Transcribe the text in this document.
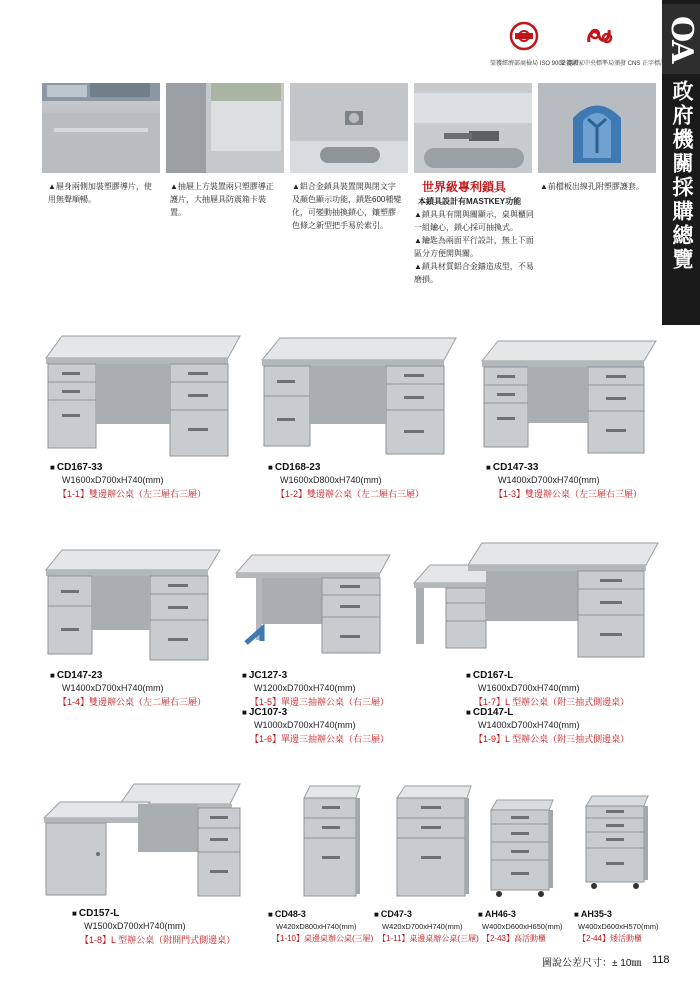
OA
政府機關採購總覽
榮獲經濟部商檢局 ISO 9002 認證
榮獲國家中央標準局頒發 CNS 正字標記
▲屜身兩側加裝塑膠導片，使用無聲順暢。
▲抽屜上方裝置兩只塑膠導正護片，大抽屜具防震箱卡裝置。
▲鋁合金鎖具裝置開與閉文字及顏色顯示功能，鎖匙600種變化，可變動抽換鎖心，鑲塑膠色條之新型把手易於索引。
世界級專利鎖具
本鎖具設計有MASTKEY功能
▲鎖具具有開與關顯示，桌與櫃同一組鑰心，鎖心採可抽換式。
▲鑰匙為兩面平行設計，無上下面區分方便開與關。
▲鎖具材質鋁合金鑄造成型，不易磨損。
▲前檔板出線孔附塑膠護套。
■ CD167-33
W1600xD700xH740(mm)
【1-1】雙邊辦公桌（左三屜右三屜）
■ CD168-23
W1600xD800xH740(mm)
【1-2】雙邊辦公桌（左二屜右三屜）
■ CD147-33
W1400xD700xH740(mm)
【1-3】雙邊辦公桌（左三屜右三屜）
■ CD147-23
W1400xD700xH740(mm)
【1-4】雙邊辦公桌（左二屜右三屜）
■ JC127-3
W1200xD700xH740(mm)
【1-5】單邊三抽辦公桌（右三屜）
■ JC107-3
W1000xD700xH740(mm)
【1-6】單邊三抽辦公桌（右三屜）
■ CD167-L
W1600xD700xH740(mm)
【1-7】L 型辦公桌（附三抽式側邊桌）
■ CD147-L
W1400xD700xH740(mm)
【1-9】L 型辦公桌（附三抽式側邊桌）
■ CD157-L
W1500xD700xH740(mm)
【1-8】L 型辦公桌（附開門式側邊桌）
■ CD48-3
W420xD800xH740(mm)
【1-10】桌邊桌辦公桌(三屜)
■ CD47-3
W420xD700xH740(mm)
【1-11】桌邊桌辦公桌(三屜)
■ AH46-3
W400xD600xH650(mm)
【2-43】高活動櫃
■ AH35-3
W400xD600xH570(mm)
【2-44】矮活動櫃
圖說公差尺寸：± 10㎜ 118
